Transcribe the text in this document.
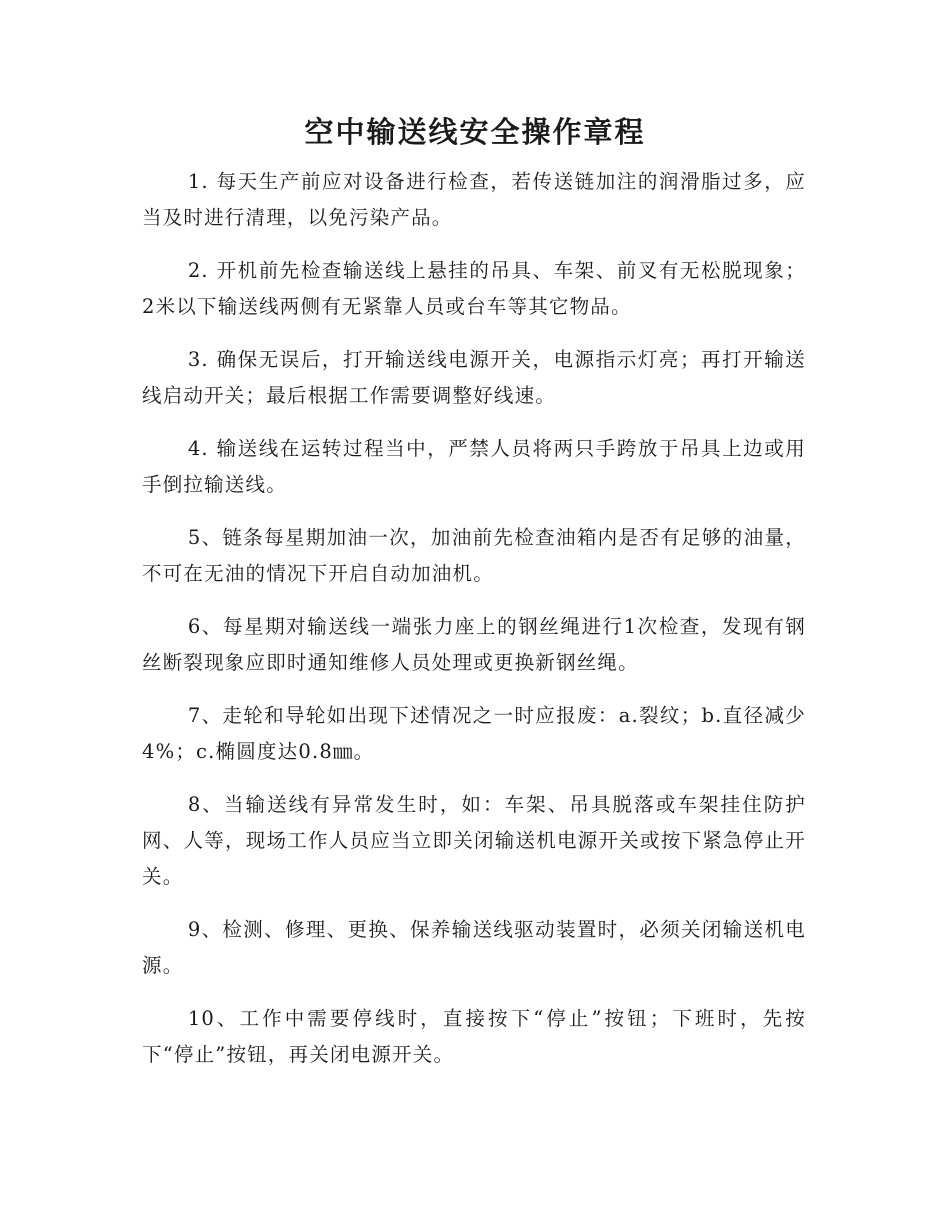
空中输送线安全操作章程

1. 每天生产前应对设备进行检查，若传送链加注的润滑脂过多，应当及时进行清理，以免污染产品。

2. 开机前先检查输送线上悬挂的吊具、车架、前叉有无松脱现象；2米以下输送线两侧有无紧靠人员或台车等其它物品。

3. 确保无误后，打开输送线电源开关，电源指示灯亮；再打开输送线启动开关；最后根据工作需要调整好线速。

4. 输送线在运转过程当中，严禁人员将两只手跨放于吊具上边或用手倒拉输送线。

5、链条每星期加油一次，加油前先检查油箱内是否有足够的油量，不可在无油的情况下开启自动加油机。

6、每星期对输送线一端张力座上的钢丝绳进行1次检查，发现有钢丝断裂现象应即时通知维修人员处理或更换新钢丝绳。

7、走轮和导轮如出现下述情况之一时应报废：a.裂纹；b.直径减少4%；c.椭圆度达0.8㎜。

8、当输送线有异常发生时，如：车架、吊具脱落或车架挂住防护网、人等，现场工作人员应当立即关闭输送机电源开关或按下紧急停止开关。

9、检测、修理、更换、保养输送线驱动装置时，必须关闭输送机电源。

10、工作中需要停线时，直接按下“停止”按钮；下班时，先按下“停止”按钮，再关闭电源开关。
